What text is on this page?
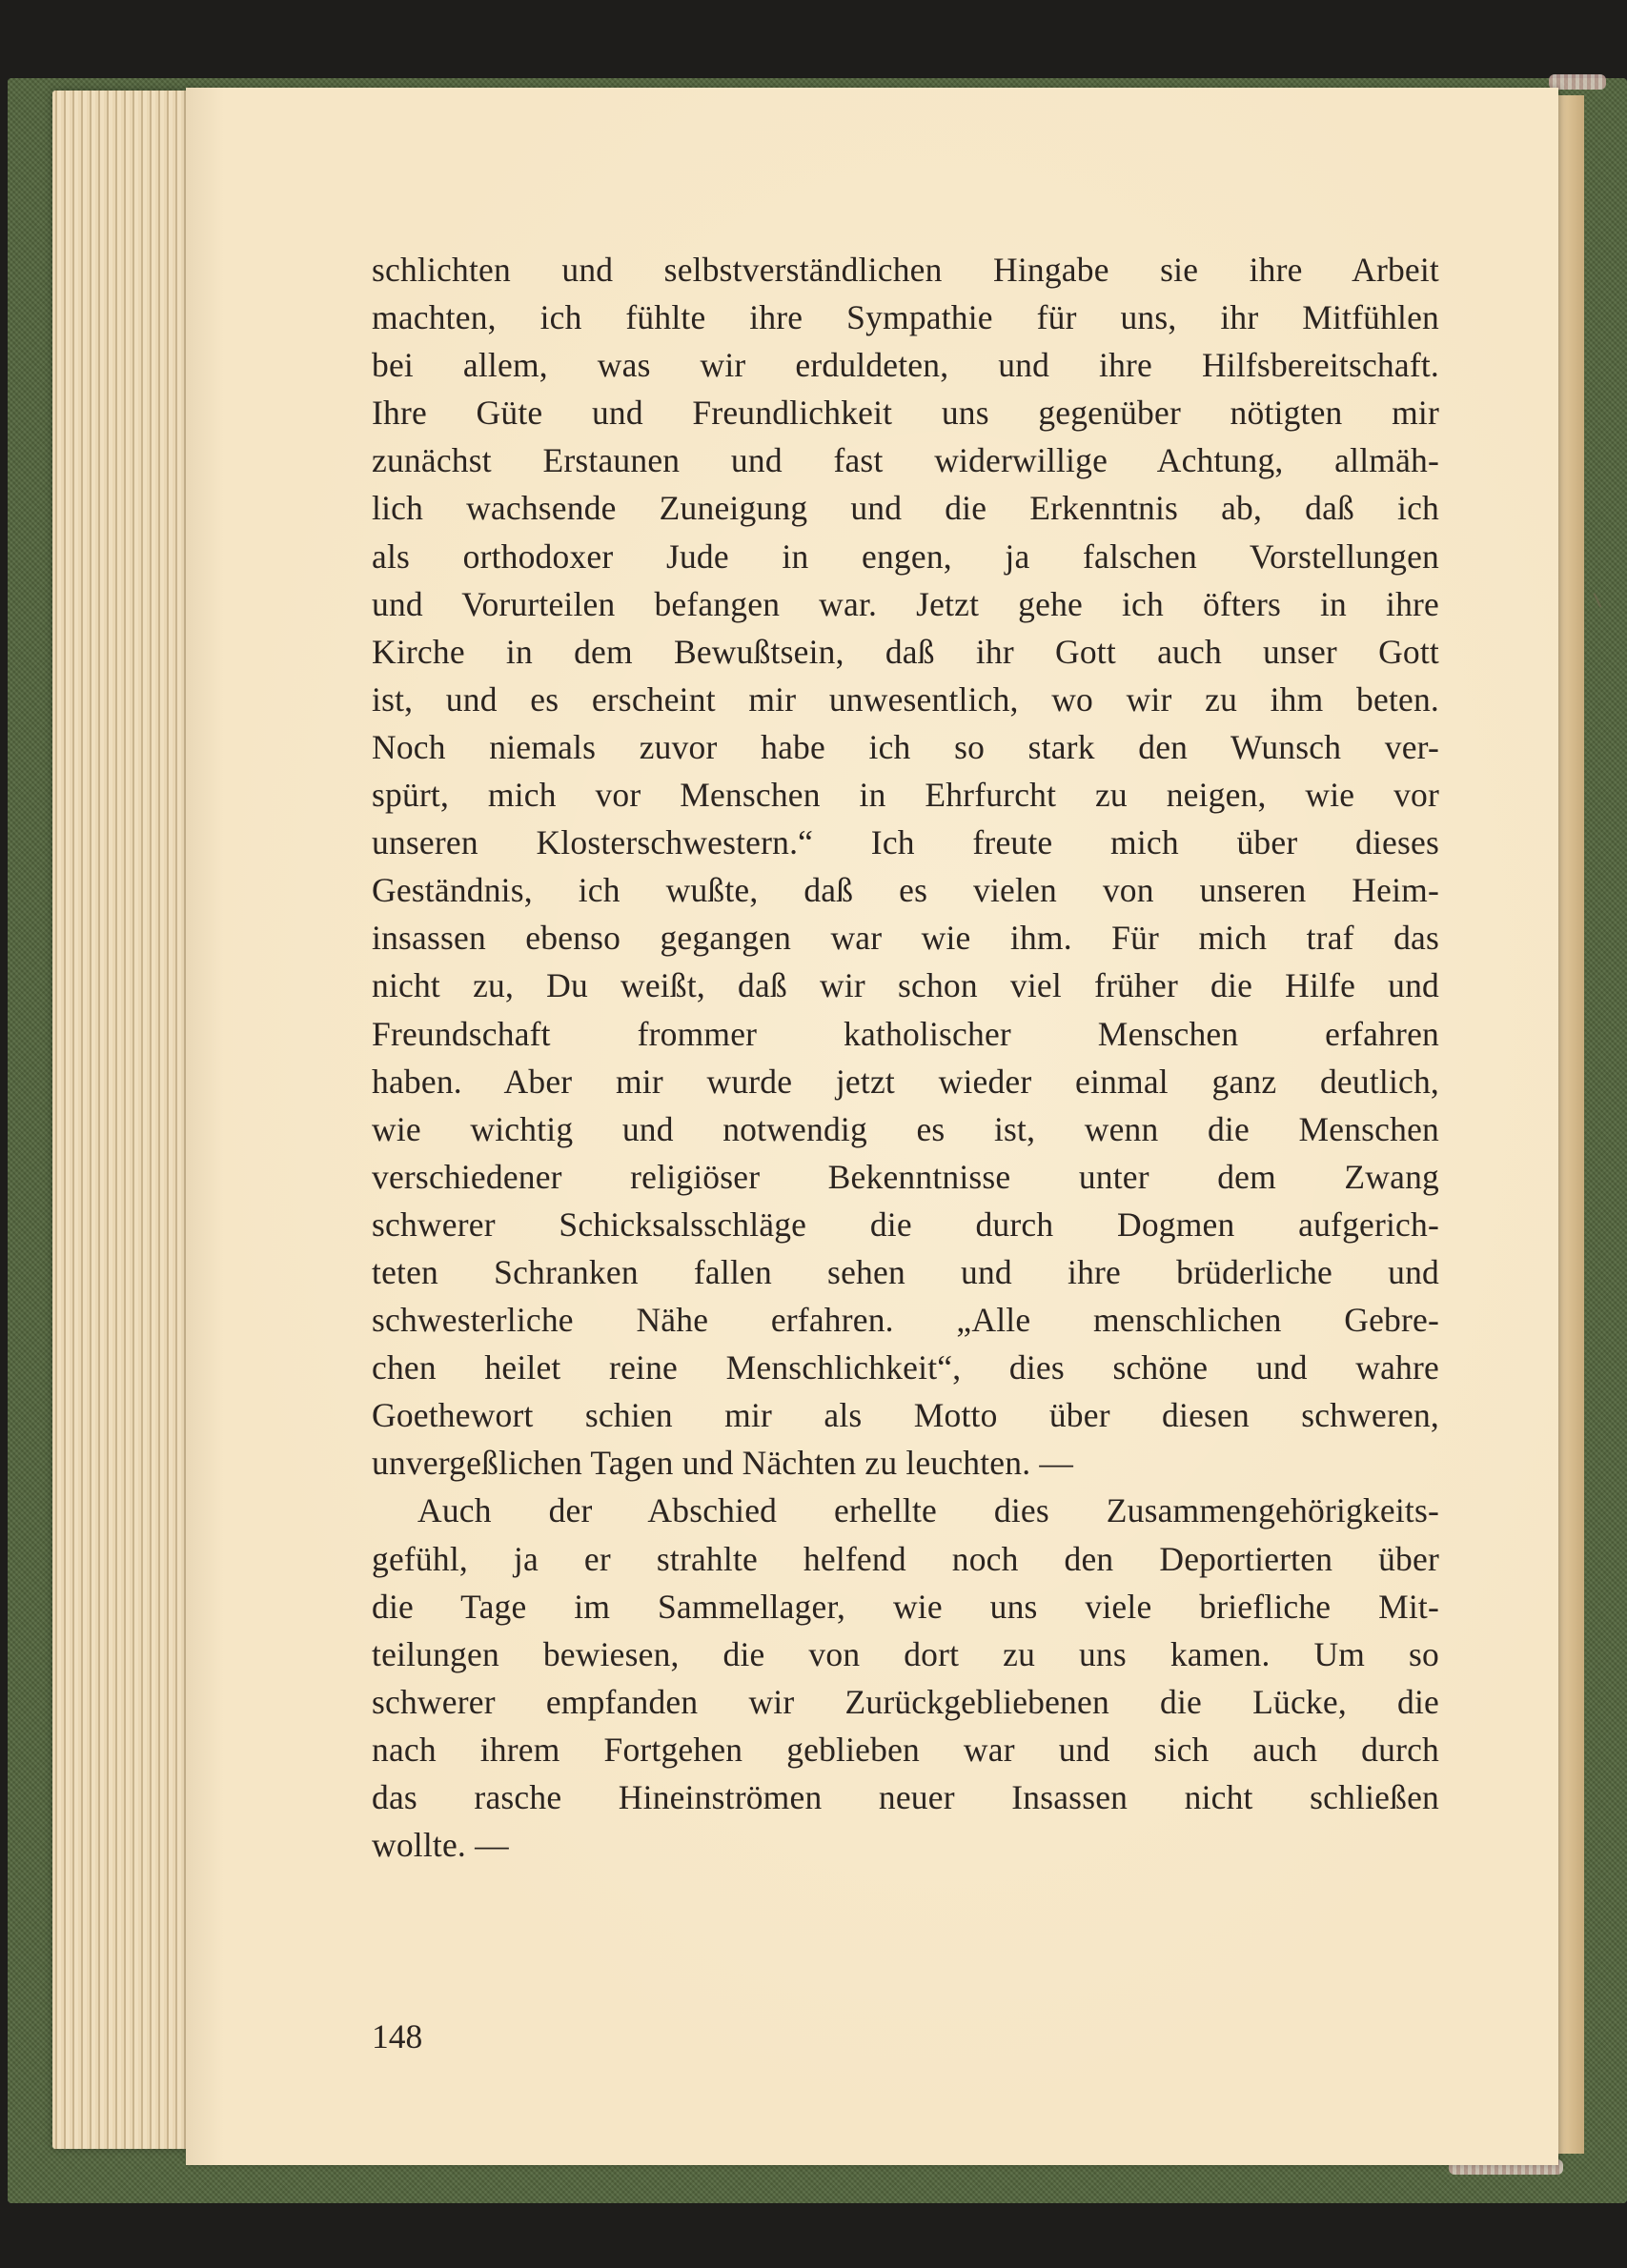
schlichten und selbstverständlichen Hingabe sie ihre Arbeit
machten, ich fühlte ihre Sympathie für uns, ihr Mitfühlen
bei allem, was wir erduldeten, und ihre Hilfsbereitschaft.
Ihre Güte und Freundlichkeit uns gegenüber nötigten mir
zunächst Erstaunen und fast widerwillige Achtung, allmäh-
lich wachsende Zuneigung und die Erkenntnis ab, daß ich
als orthodoxer Jude in engen, ja falschen Vorstellungen
und Vorurteilen befangen war. Jetzt gehe ich öfters in ihre
Kirche in dem Bewußtsein, daß ihr Gott auch unser Gott
ist, und es erscheint mir unwesentlich, wo wir zu ihm beten.
Noch niemals zuvor habe ich so stark den Wunsch ver-
spürt, mich vor Menschen in Ehrfurcht zu neigen, wie vor
unseren Klosterschwestern.“ Ich freute mich über dieses
Geständnis, ich wußte, daß es vielen von unseren Heim-
insassen ebenso gegangen war wie ihm. Für mich traf das
nicht zu, Du weißt, daß wir schon viel früher die Hilfe und
Freundschaft frommer katholischer Menschen erfahren
haben. Aber mir wurde jetzt wieder einmal ganz deutlich,
wie wichtig und notwendig es ist, wenn die Menschen
verschiedener religiöser Bekenntnisse unter dem Zwang
schwerer Schicksalsschläge die durch Dogmen aufgerich-
teten Schranken fallen sehen und ihre brüderliche und
schwesterliche Nähe erfahren. „Alle menschlichen Gebre-
chen heilet reine Menschlichkeit“, dies schöne und wahre
Goethewort schien mir als Motto über diesen schweren,
unvergeßlichen Tagen und Nächten zu leuchten. —
Auch der Abschied erhellte dies Zusammengehörigkeits-
gefühl, ja er strahlte helfend noch den Deportierten über
die Tage im Sammellager, wie uns viele briefliche Mit-
teilungen bewiesen, die von dort zu uns kamen. Um so
schwerer empfanden wir Zurückgebliebenen die Lücke, die
nach ihrem Fortgehen geblieben war und sich auch durch
das rasche Hineinströmen neuer Insassen nicht schließen
wollte. —
148
